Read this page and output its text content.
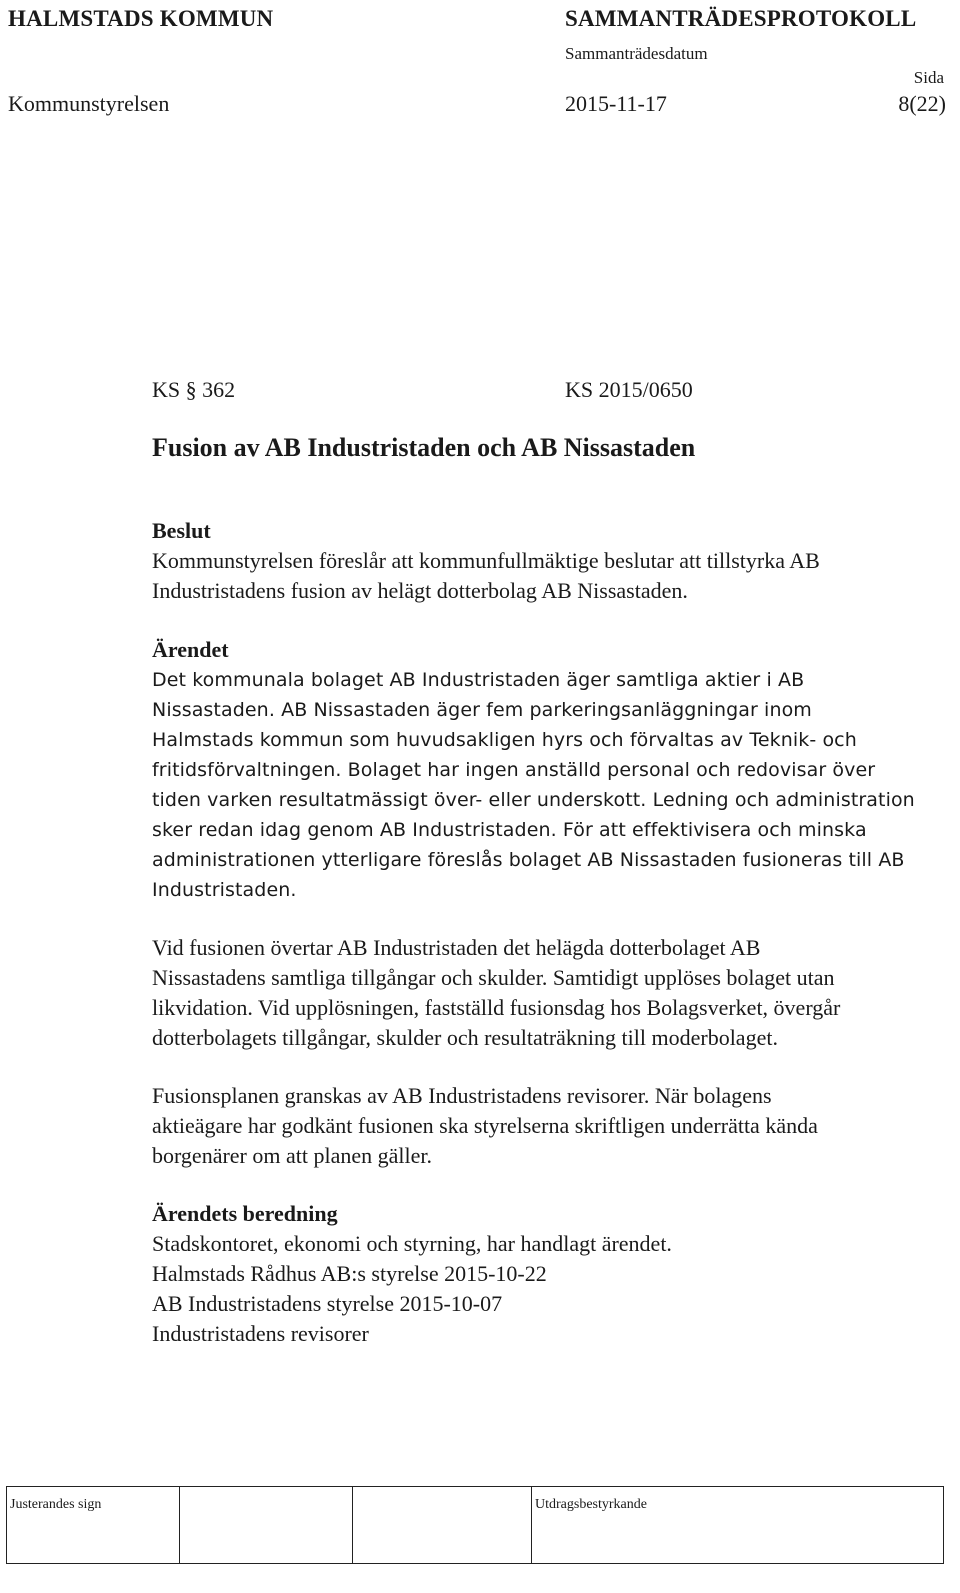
HALMSTADS KOMMUN	SAMMANTRÄDESPROTOKOLL
Sammanträdesdatum
Sida
Kommunstyrelsen	2015-11-17	8(22)
KS § 362	KS 2015/0650
Fusion av AB Industristaden och AB Nissastaden
Beslut

Kommunstyrelsen föreslår att kommunfullmäktige beslutar att tillstyrka AB
Industristadens fusion av helägt dotterbolag AB Nissastaden.

Ärendet

Det kommunala bolaget AB Industristaden äger samtliga aktier i AB
Nissastaden. AB Nissastaden äger fem parkeringsanläggningar inom
Halmstads kommun som huvudsakligen hyrs och förvaltas av Teknik- och
fritidsförvaltningen. Bolaget har ingen anställd personal och redovisar över
tiden varken resultatmässigt över- eller underskott. Ledning och administration
sker redan idag genom AB Industristaden. För att effektivisera och minska
administrationen ytterligare föreslås bolaget AB Nissastaden fusioneras till AB
Industristaden.

Vid fusionen övertar AB Industristaden det helägda dotterbolaget AB
Nissastadens samtliga tillgångar och skulder. Samtidigt upplöses bolaget utan
likvidation. Vid upplösningen, fastställd fusionsdag hos Bolagsverket, övergår
dotterbolagets tillgångar, skulder och resultaträkning till moderbolaget.

Fusionsplanen granskas av AB Industristadens revisorer. När bolagens
aktieägare har godkänt fusionen ska styrelserna skriftligen underrätta kända
borgenärer om att planen gäller.

Ärendets beredning

Stadskontoret, ekonomi och styrning, har handlagt ärendet.
Halmstads Rådhus AB:s styrelse 2015-10-22
AB Industristadens styrelse 2015-10-07
Industristadens revisorer

Justerandes sign	Utdragsbestyrkande
